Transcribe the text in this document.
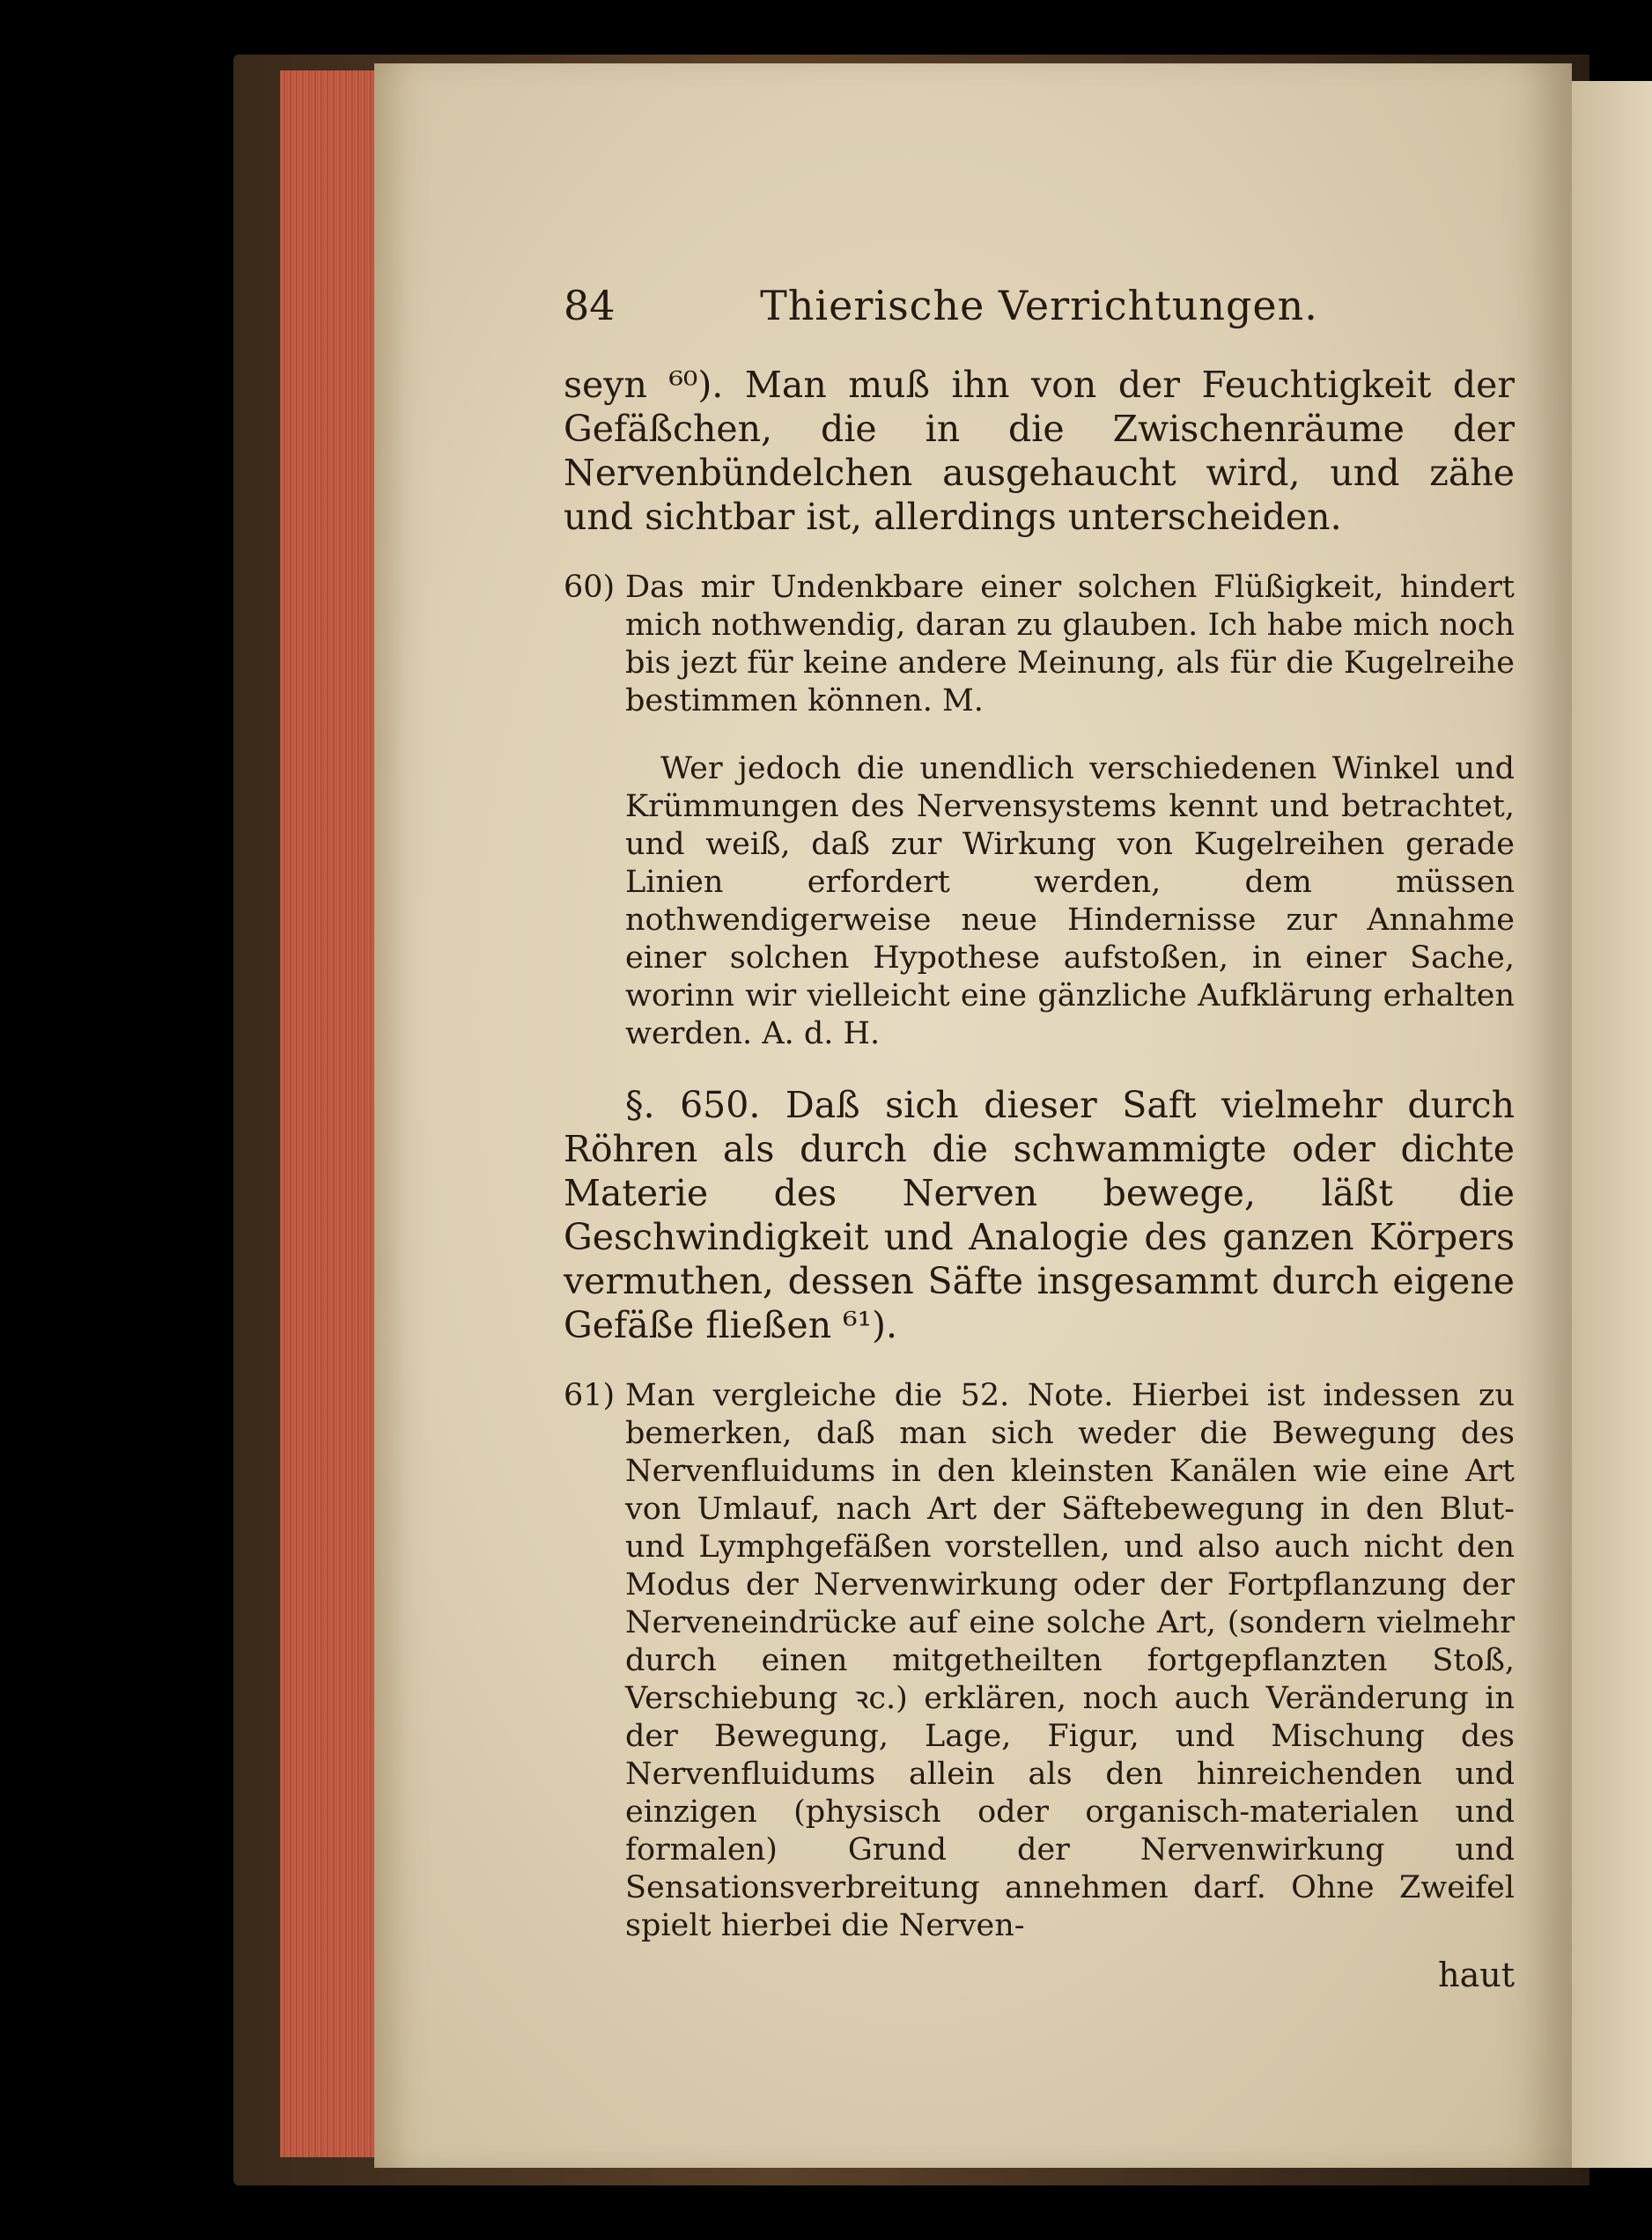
84	Thierische Verrichtungen.

seyn ⁶⁰). Man muß ihn von der Feuchtigkeit der Gefäßchen, die in die Zwischenräume der Nervenbündelchen ausgehaucht wird, und zähe und sichtbar ist, allerdings unterscheiden.

60) Das mir Undenkbare einer solchen Flüßigkeit, hindert mich nothwendig, daran zu glauben. Ich habe mich noch bis jezt für keine andere Meinung, als für die Kugelreihe bestimmen können. M.

Wer jedoch die unendlich verschiedenen Winkel und Krümmungen des Nervensystems kennt und betrachtet, und weiß, daß zur Wirkung von Kugelreihen gerade Linien erfordert werden, dem müssen nothwendigerweise neue Hindernisse zur Annahme einer solchen Hypothese aufstoßen, in einer Sache, worinn wir vielleicht eine gänzliche Aufklärung erhalten werden. A. d. H.

§. 650. Daß sich dieser Saft vielmehr durch Röhren als durch die schwammigte oder dichte Materie des Nerven bewege, läßt die Geschwindigkeit und Analogie des ganzen Körpers vermuthen, dessen Säfte insgesammt durch eigene Gefäße fließen ⁶¹).

61) Man vergleiche die 52. Note. Hierbei ist indessen zu bemerken, daß man sich weder die Bewegung des Nervenfluidums in den kleinsten Kanälen wie eine Art von Umlauf, nach Art der Säftebewegung in den Blut- und Lymphgefäßen vorstellen, und also auch nicht den Modus der Nervenwirkung oder der Fortpflanzung der Nerveneindrücke auf eine solche Art, (sondern vielmehr durch einen mitgetheilten fortgepflanzten Stoß, Verschiebung ꝛc.) erklären, noch auch Veränderung in der Bewegung, Lage, Figur, und Mischung des Nervenfluidums allein als den hinreichenden und einzigen (physisch oder organisch-materialen und formalen) Grund der Nervenwirkung und Sensationsverbreitung annehmen darf. Ohne Zweifel spielt hierbei die Nerven-

haut
